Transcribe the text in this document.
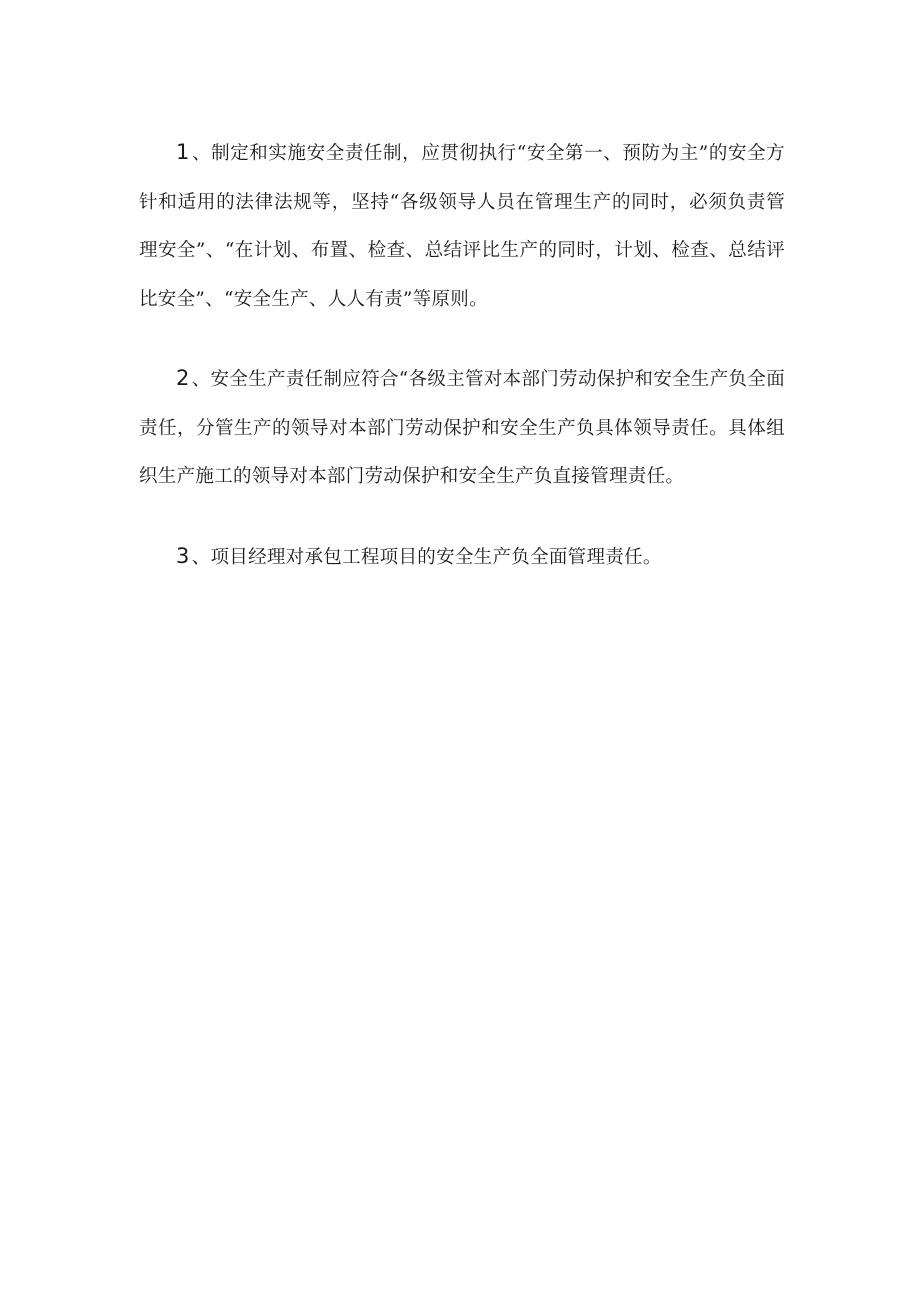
1 、制定和实施安全责任制，应贯彻执行“安全第一、预防为主”的安全方针和适用的法律法规等，坚持“各级领导人员在管理生产的同时，必须负责管理安全”、“在计划、布置、检查、总结评比生产的同时，计划、检查、总结评比安全”、“安全生产、人人有责”等原则。

2 、安全生产责任制应符合“各级主管对本部门劳动保护和安全生产负全面责任，分管生产的领导对本部门劳动保护和安全生产负具体领导责任。具体组织生产施工的领导对本部门劳动保护和安全生产负直接管理责任。

3 、项目经理对承包工程项目的安全生产负全面管理责任。
